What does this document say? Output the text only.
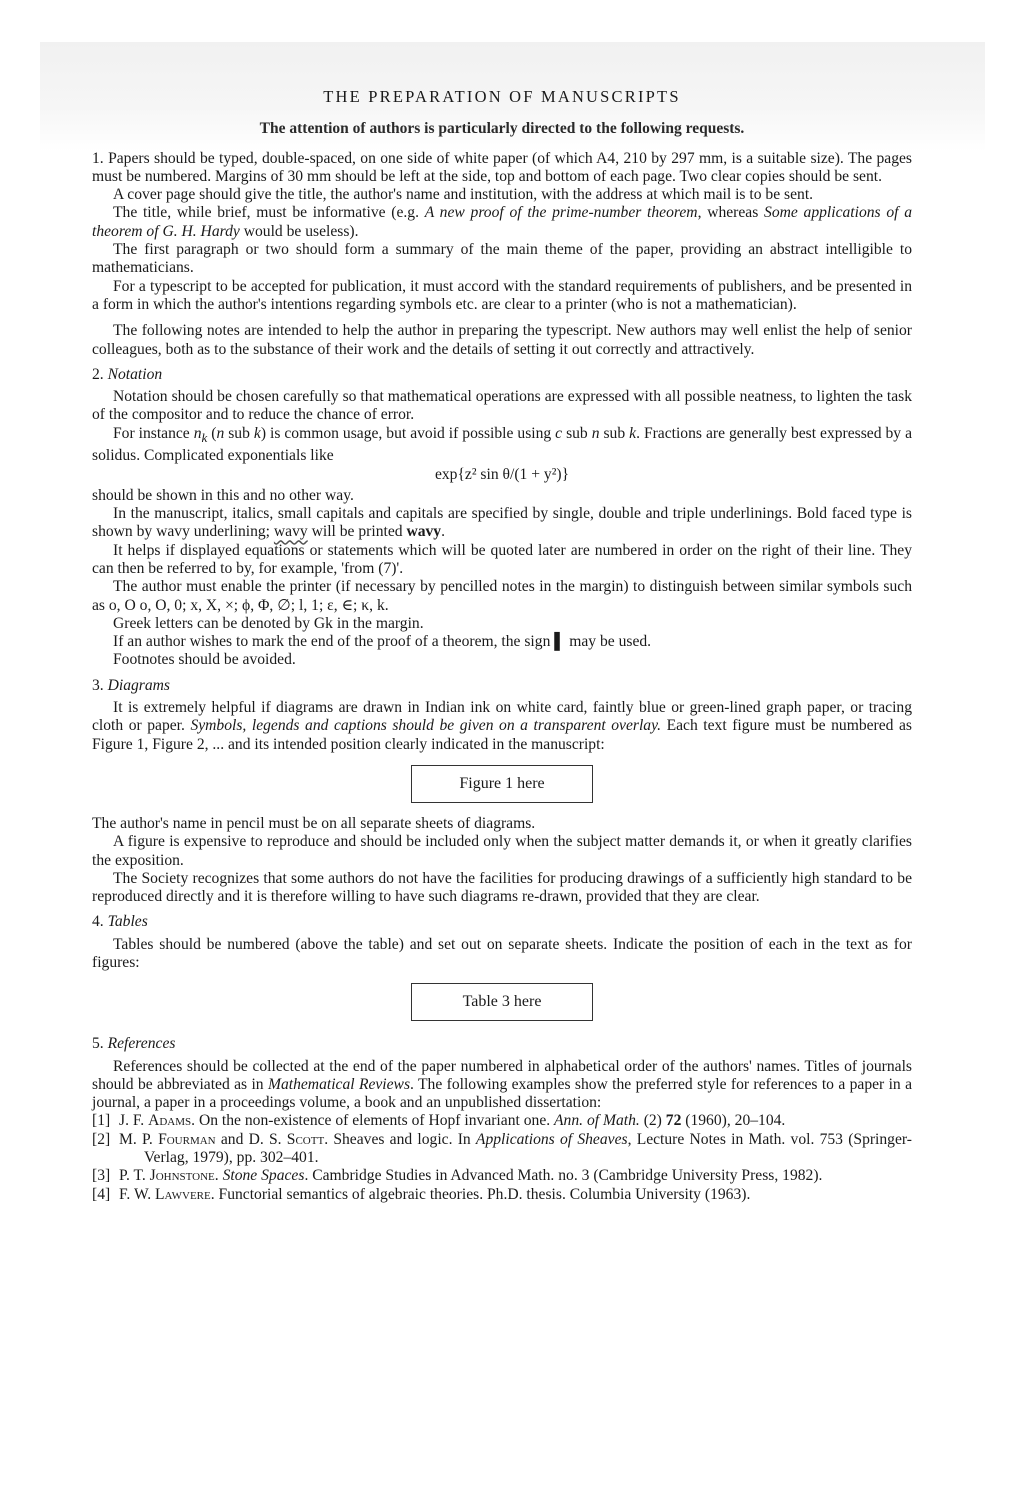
THE PREPARATION OF MANUSCRIPTS
The attention of authors is particularly directed to the following requests.

1. Papers should be typed, double-spaced, on one side of white paper (of which A4, 210 by 297 mm, is a suitable size). The pages must be numbered. Margins of 30 mm should be left at the side, top and bottom of each page. Two clear copies should be sent.

A cover page should give the title, the author's name and institution, with the address at which mail is to be sent.

The title, while brief, must be informative (e.g. A new proof of the prime-number theorem, whereas Some applications of a theorem of G. H. Hardy would be useless).

The first paragraph or two should form a summary of the main theme of the paper, providing an abstract intelligible to mathematicians.

For a typescript to be accepted for publication, it must accord with the standard requirements of publishers, and be presented in a form in which the author's intentions regarding symbols etc. are clear to a printer (who is not a mathematician).

The following notes are intended to help the author in preparing the typescript. New authors may well enlist the help of senior colleagues, both as to the substance of their work and the details of setting it out correctly and attractively.

2. Notation

Notation should be chosen carefully so that mathematical operations are expressed with all possible neatness, to lighten the task of the compositor and to reduce the chance of error.

For instance $n_k$ (n sub k) is common usage, but avoid if possible using c sub n sub k. Fractions are generally best expressed by a solidus. Complicated exponentials like

exp{z² sin θ/(1 + y²)}

should be shown in this and no other way.

In the manuscript, italics, small capitals and capitals are specified by single, double and triple underlinings. Bold faced type is shown by wavy underlining; wavy will be printed wavy.

It helps if displayed equations or statements which will be quoted later are numbered in order on the right of their line. They can then be referred to by, for example, 'from (7)'.

The author must enable the printer (if necessary by pencilled notes in the margin) to distinguish between similar symbols such as o, O o, O, 0; x, X, ×; ϕ, Φ, ∅; l, 1; ε, ∈; κ, k.

Greek letters can be denoted by Gk in the margin.

If an author wishes to mark the end of the proof of a theorem, the sign ▌ may be used.

Footnotes should be avoided.

3. Diagrams

It is extremely helpful if diagrams are drawn in Indian ink on white card, faintly blue or green-lined graph paper, or tracing cloth or paper. Symbols, legends and captions should be given on a transparent overlay. Each text figure must be numbered as Figure 1, Figure 2, ... and its intended position clearly indicated in the manuscript:

Figure 1 here

The author's name in pencil must be on all separate sheets of diagrams.

A figure is expensive to reproduce and should be included only when the subject matter demands it, or when it greatly clarifies the exposition.

The Society recognizes that some authors do not have the facilities for producing drawings of a sufficiently high standard to be reproduced directly and it is therefore willing to have such diagrams re-drawn, provided that they are clear.

4. Tables

Tables should be numbered (above the table) and set out on separate sheets. Indicate the position of each in the text as for figures:

Table 3 here
5. References

References should be collected at the end of the paper numbered in alphabetical order of the authors' names. Titles of journals should be abbreviated as in Mathematical Reviews. The following examples show the preferred style for references to a paper in a journal, a paper in a proceedings volume, a book and an unpublished dissertation:

[1] J. F. Adams. On the non-existence of elements of Hopf invariant one. Ann. of Math. (2) 72 (1960), 20–104.

[2] M. P. Fourman and D. S. Scott. Sheaves and logic. In Applications of Sheaves, Lecture Notes in Math. vol. 753 (Springer-Verlag, 1979), pp. 302–401.

[3] P. T. Johnstone. Stone Spaces. Cambridge Studies in Advanced Math. no. 3 (Cambridge University Press, 1982).

[4] F. W. Lawvere. Functorial semantics of algebraic theories. Ph.D. thesis. Columbia University (1963).
